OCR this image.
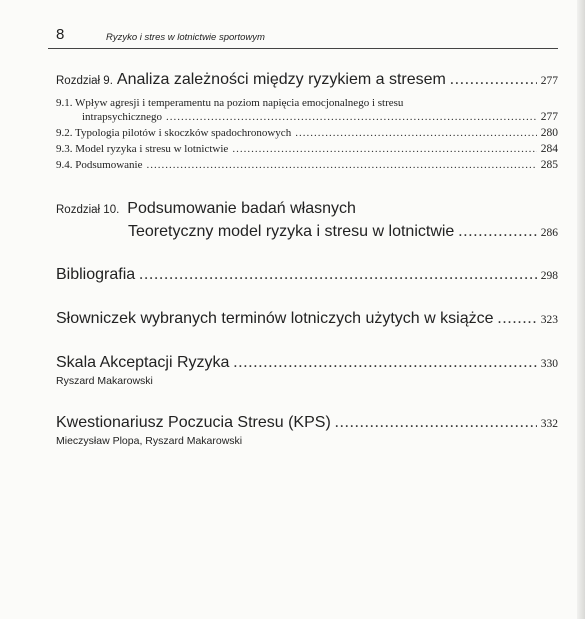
8	Ryzyko i stres w lotnictwie sportowym
Rozdział 9. Analiza zależności między ryzykiem a stresem .....	277
9.1. Wpływ agresji i temperamentu na poziom napięcia emocjonalnego i stresu
intrapsychicznego .....	277
9.2. Typologia pilotów i skoczków spadochronowych .....	280
9.3. Model ryzyka i stresu w lotnictwie .....	284
9.4. Podsumowanie .....	285
Rozdział 10. Podsumowanie badań własnych
Teoretyczny model ryzyka i stresu w lotnictwie .....	286
Bibliografia .....	298
Słowniczek wybranych terminów lotniczych użytych w książce .....	323
Skala Akceptacji Ryzyka .....	330
Ryszard Makarowski
Kwestionariusz Poczucia Stresu (KPS) .....	332
Mieczysław Plopa, Ryszard Makarowski
